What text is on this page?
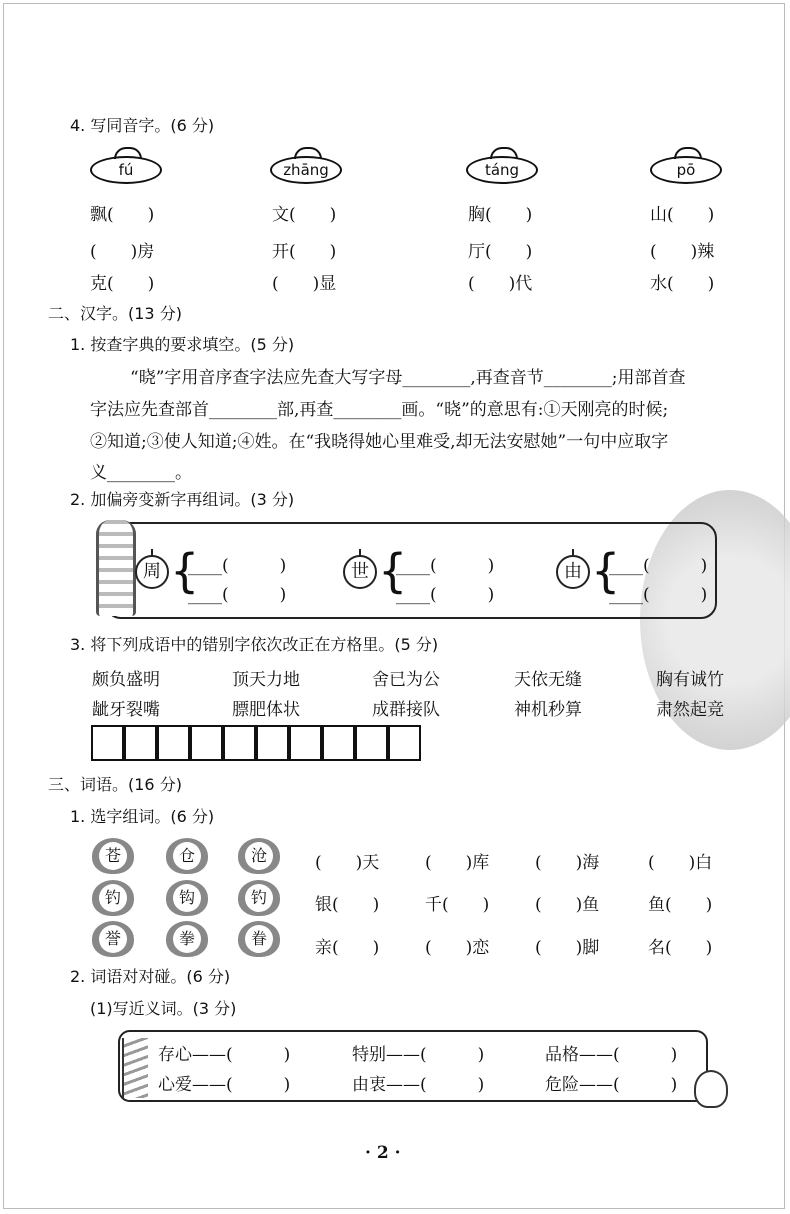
4. 写同音字。(6 分)
fú	zhāng	táng	pō
飘(　　)	文(　　)	胸(　　)	山(　　)
(　　)房	开(　　)	厅(　　)	(　　)辣
克(　　)	(　　)显	(　　)代	水(　　)
二、汉字。(13 分)
1. 按查字典的要求填空。(5 分)
“晓”字用音序查字法应先查大写字母________,再查音节________;用部首查
字法应先查部首________部,再查________画。“晓”的意思有:①天刚亮的时候;
②知道;③使人知道;④姓。在“我晓得她心里难受,却无法安慰她”一句中应取字
义________。
2. 加偏旁变新字再组词。(3 分)
周 {
____(　　　)
____(　　　)
世 {
____(　　　)
____(　　　)
由 {
____(　　　)
____(　　　)
3. 将下列成语中的错别字依次改正在方格里。(5 分)
颇负盛明	顶天力地	舍已为公	天依无缝	胸有诚竹
龇牙裂嘴	膘肥体状	成群接队	神机秒算	肃然起竞
三、词语。(16 分)
1. 选字组词。(6 分)
苍	仓	沧
钓	钩	钓
誉	拳	眷
(　　)天	(　　)库	(　　)海	(　　)白
银(　　)	千(　　)	(　　)鱼	鱼(　　)
亲(　　)	(　　)恋	(　　)脚	名(　　)
2. 词语对对碰。(6 分)
(1)写近义词。(3 分)
存心——(　　　)	特别——(　　　)	品格——(　　　)
心爱——(　　　)	由衷——(　　　)	危险——(　　　)
· 2 ·
